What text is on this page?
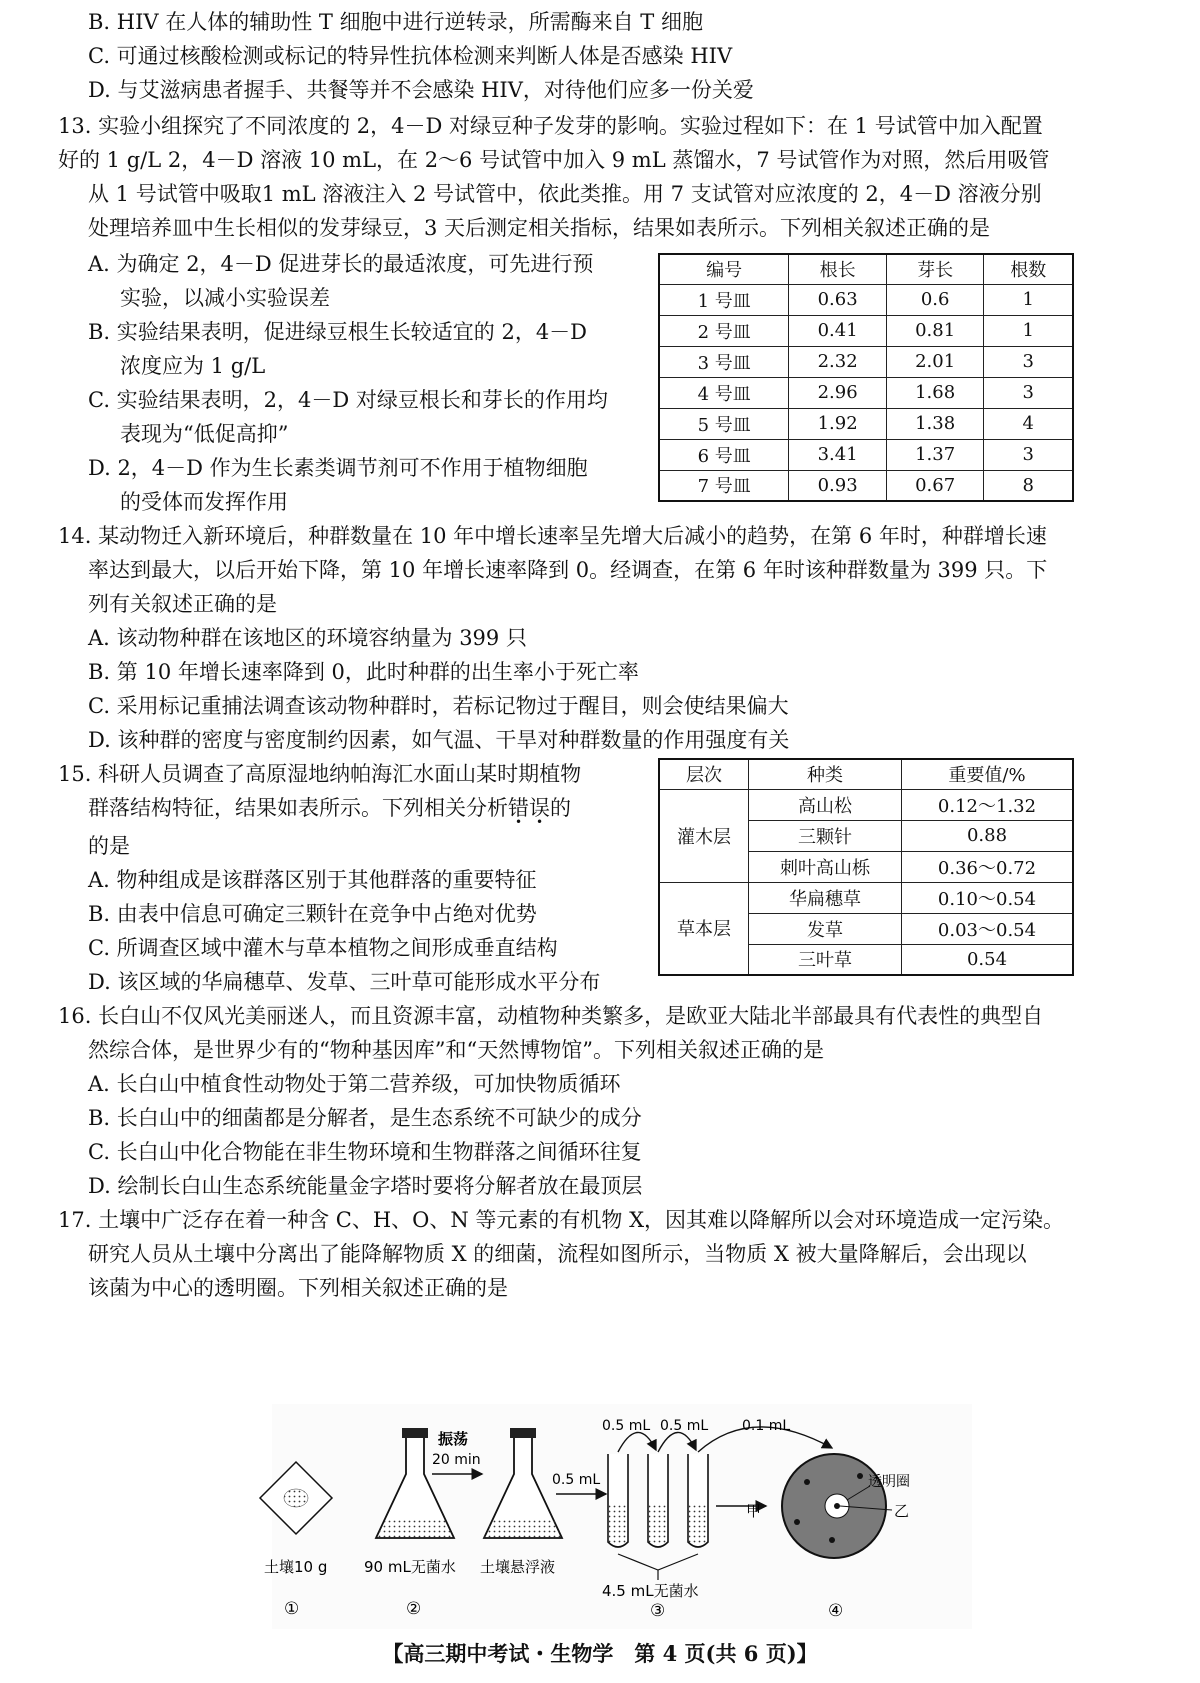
B. HIV 在人体的辅助性 T 细胞中进行逆转录，所需酶来自 T 细胞
C. 可通过核酸检测或标记的特异性抗体检测来判断人体是否感染 HIV
D. 与艾滋病患者握手、共餐等并不会感染 HIV，对待他们应多一份关爱
13. 实验小组探究了不同浓度的 2，4－D 对绿豆种子发芽的影响。实验过程如下：在 1 号试管中加入配置
好的 1 g/L 2，4－D 溶液 10 mL，在 2～6 号试管中加入 9 mL 蒸馏水，7 号试管作为对照，然后用吸管
从 1 号试管中吸取1 mL 溶液注入 2 号试管中，依此类推。用 7 支试管对应浓度的 2，4－D 溶液分别
处理培养皿中生长相似的发芽绿豆，3 天后测定相关指标，结果如表所示。下列相关叙述正确的是
A. 为确定 2，4－D 促进芽长的最适浓度，可先进行预
实验，以减小实验误差
B. 实验结果表明，促进绿豆根生长较适宜的 2，4－D
浓度应为 1 g/L
C. 实验结果表明，2，4－D 对绿豆根长和芽长的作用均
表现为“低促高抑”
D. 2，4－D 作为生长素类调节剂可不作用于植物细胞
的受体而发挥作用
编号	根长	芽长	根数
1 号皿	0.63	0.6	1
2 号皿	0.41	0.81	1
3 号皿	2.32	2.01	3
4 号皿	2.96	1.68	3
5 号皿	1.92	1.38	4
6 号皿	3.41	1.37	3
7 号皿	0.93	0.67	8
14. 某动物迁入新环境后，种群数量在 10 年中增长速率呈先增大后减小的趋势，在第 6 年时，种群增长速
率达到最大，以后开始下降，第 10 年增长速率降到 0。经调查，在第 6 年时该种群数量为 399 只。下
列有关叙述正确的是
A. 该动物种群在该地区的环境容纳量为 399 只
B. 第 10 年增长速率降到 0，此时种群的出生率小于死亡率
C. 采用标记重捕法调查该动物种群时，若标记物过于醒目，则会使结果偏大
D. 该种群的密度与密度制约因素，如气温、干旱对种群数量的作用强度有关
15. 科研人员调查了高原湿地纳帕海汇水面山某时期植物
群落结构特征，结果如表所示。下列相关分析错误的
的是
A. 物种组成是该群落区别于其他群落的重要特征
B. 由表中信息可确定三颗针在竞争中占绝对优势
C. 所调查区域中灌木与草本植物之间形成垂直结构
D. 该区域的华扁穗草、发草、三叶草可能形成水平分布
层次	种类	重要值/%
灌木层	高山松	0.12～1.32
	三颗针	0.88
	刺叶高山栎	0.36～0.72
草本层	华扁穗草	0.10～0.54
	发草	0.03～0.54
	三叶草	0.54
16. 长白山不仅风光美丽迷人，而且资源丰富，动植物种类繁多，是欧亚大陆北半部最具有代表性的典型自
然综合体，是世界少有的“物种基因库”和“天然博物馆”。下列相关叙述正确的是
A. 长白山中植食性动物处于第二营养级，可加快物质循环
B. 长白山中的细菌都是分解者，是生态系统不可缺少的成分
C. 长白山中化合物能在非生物环境和生物群落之间循环往复
D. 绘制长白山生态系统能量金字塔时要将分解者放在最顶层
17. 土壤中广泛存在着一种含 C、H、O、N 等元素的有机物 X，因其难以降解所以会对环境造成一定污染。
研究人员从土壤中分离出了能降解物质 X 的细菌，流程如图所示，当物质 X 被大量降解后，会出现以
该菌为中心的透明圈。下列相关叙述正确的是
土壤10 g
①
90 mL无菌水
②
振荡
20 min
土壤悬浮液
0.5 mL
0.5 mL 0.5 mL 0.1 mL
4.5 mL无菌水
③
甲
透明圈
乙
④
【高三期中考试・生物学　第 4 页(共 6 页)】
